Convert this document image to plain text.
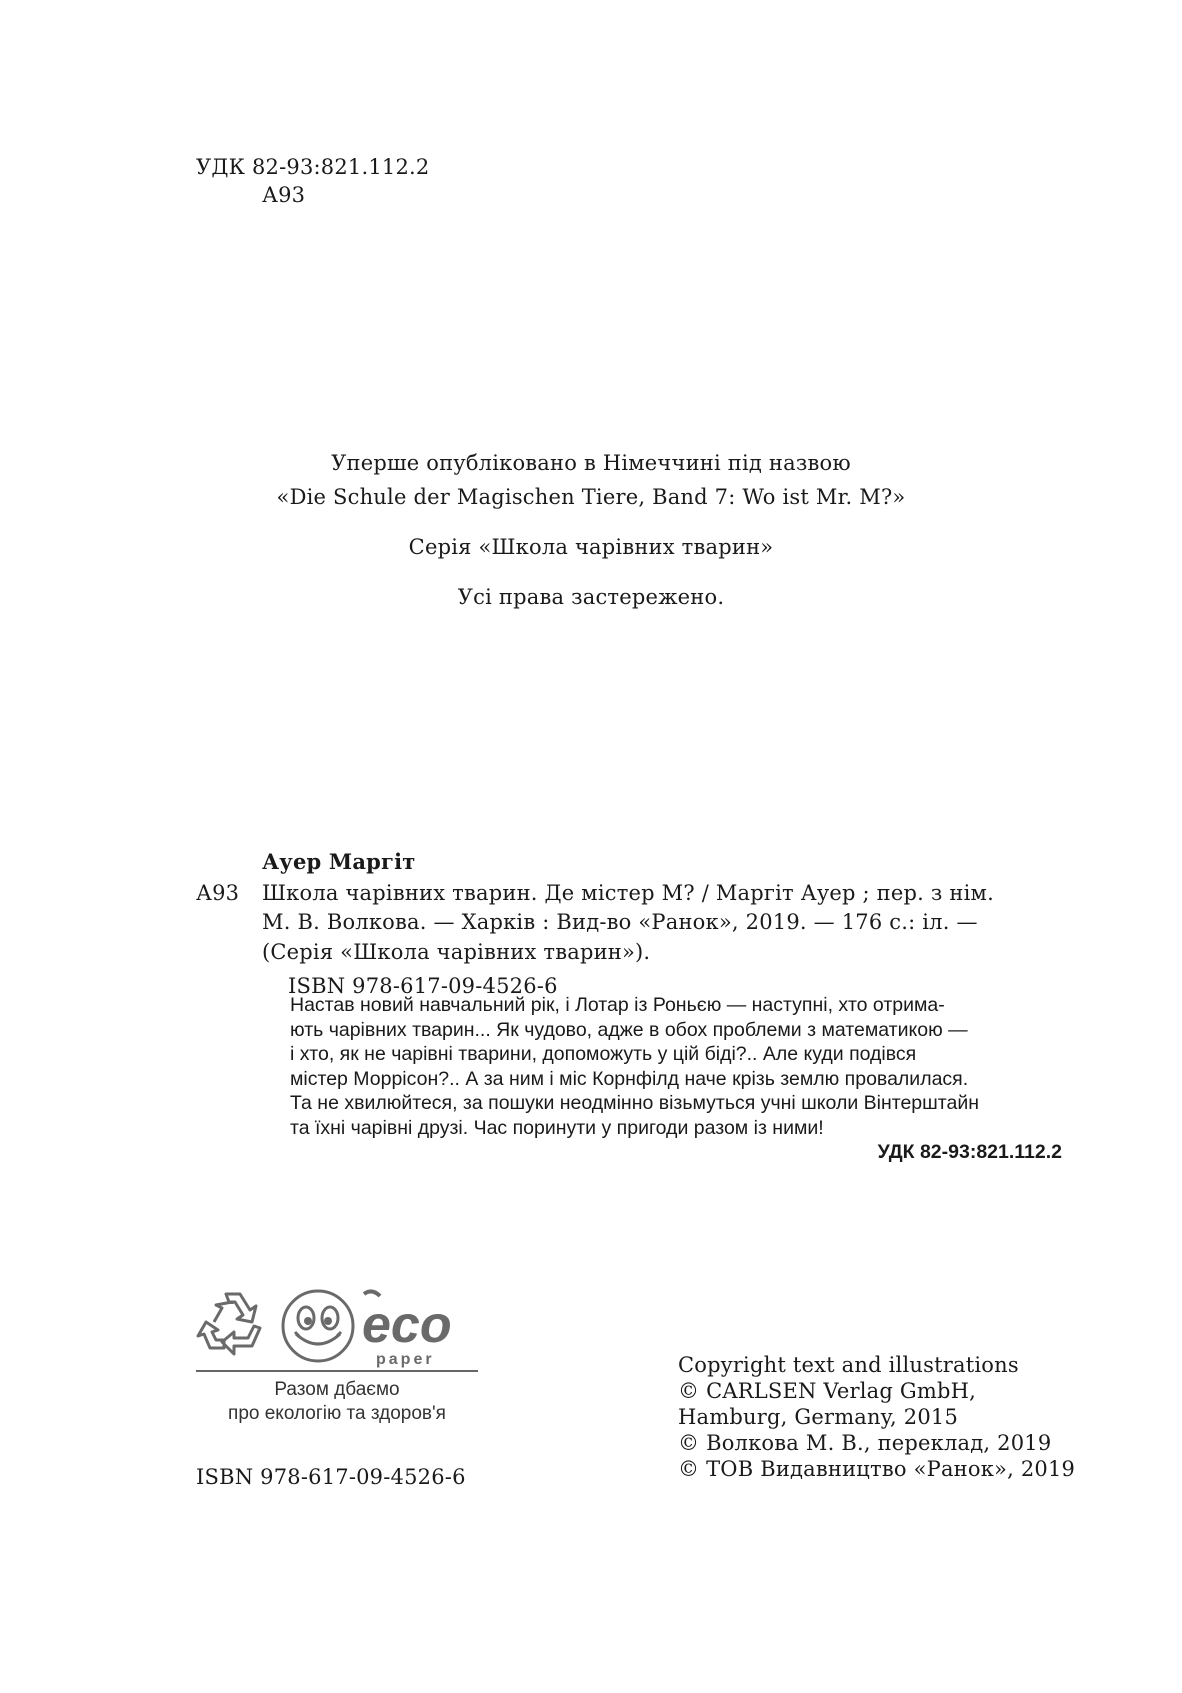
УДК 82-93:821.112.2
А93
Уперше опубліковано в Німеччині під назвою
«Die Schule der Magischen Tiere, Band 7: Wo ist Mr. M?»
Серія «Школа чарівних тварин»
Усі права застережено.
Ауер Маргіт
А93	Школа чарівних тварин. Де містер М? / Маргіт Ауер ; пер. з нім.
М. В. Волкова. — Харків : Вид-во «Ранок», 2019. — 176 с.: іл. —
(Серія «Школа чарівних тварин»).
ISBN 978-617-09-4526-6
Настав новий навчальний рік, і Лотар із Роньєю — наступні, хто отрима-
ють чарівних тварин... Як чудово, адже в обох проблеми з математикою —
і хто, як не чарівні тварини, допоможуть у цій біді?.. Але куди подівся
містер Моррісон?.. А за ним і міс Корнфілд наче крізь землю провалилася.
Та не хвилюйтеся, за пошуки неодмінно візьмуться учні школи Вінтерштайн
та їхні чарівні друзі. Час поринути у пригоди разом із ними!
УДК 82-93:821.112.2
eco
paper
Разом дбаємо
про екологію та здоров'я
ISBN 978-617-09-4526-6
Copyright text and illustrations
© CARLSEN Verlag GmbH,
Hamburg, Germany, 2015
© Волкова М. В., переклад, 2019
© ТОВ Видавництво «Ранок», 2019
